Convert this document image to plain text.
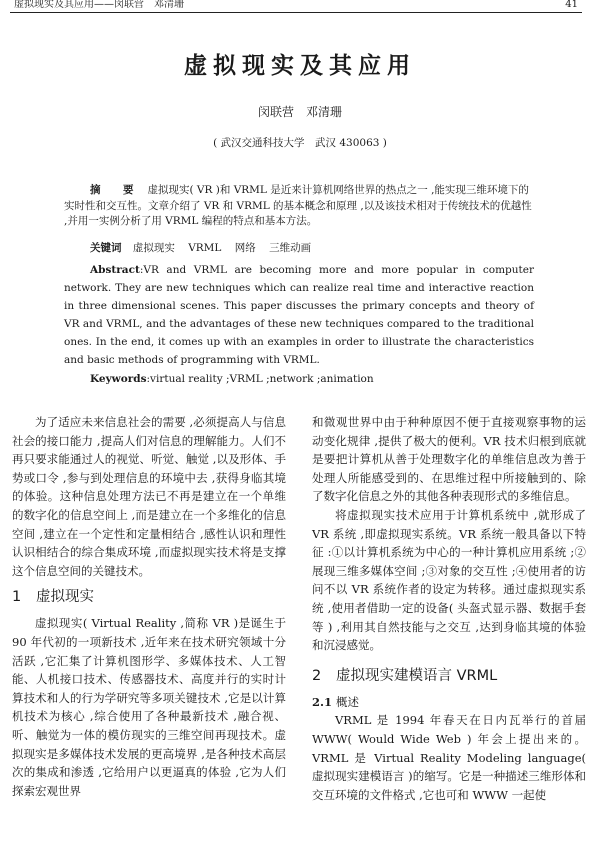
虚拟现实及其应用——闵联营　邓清珊	41
虚拟现实及其应用
闵联营　邓清珊
( 武汉交通科技大学　武汉 430063 )
摘　要 虚拟现实( VR )和 VRML 是近来计算机网络世界的热点之一 ,能实现三维环境下的实时性和交互性。文章介绍了 VR 和 VRML 的基本概念和原理 ,以及该技术相对于传统技术的优越性 ,并用一实例分析了用 VRML 编程的特点和基本方法。
关键词 虚拟现实 VRML 网络 三维动画
Abstract:VR and VRML are becoming more and more popular in computer network. They are new techniques which can realize real time and interactive reaction in three dimensional scenes. This paper discusses the primary concepts and theory of VR and VRML, and the advantages of these new techniques compared to the traditional ones. In the end, it comes up with an examples in order to illustrate the characteristics and basic methods of programming with VRML.
Keywords:virtual reality ;VRML ;network ;animation

为了适应未来信息社会的需要 ,必须提高人与信息社会的接口能力 ,提高人们对信息的理解能力。人们不再只要求能通过人的视觉、听觉、触觉 ,以及形体、手势或口令 ,参与到处理信息的环境中去 ,获得身临其境的体验。这种信息处理方法已不再是建立在一个单维的数字化的信息空间上 ,而是建立在一个多维化的信息空间 ,建立在一个定性和定量相结合 ,感性认识和理性认识相结合的综合集成环境 ,而虚拟现实技术将是支撑这个信息空间的关键技术。

1 虚拟现实

虚拟现实( Virtual Reality ,简称 VR )是诞生于 90 年代初的一项新技术 ,近年来在技术研究领域十分活跃 ,它汇集了计算机图形学、多媒体技术、人工智能、人机接口技术、传感器技术、高度并行的实时计算技术和人的行为学研究等多项关键技术 ,它是以计算机技术为核心 ,综合使用了各种最新技术 ,融合视、听、触觉为一体的模仿现实的三维空间再现技术。虚拟现实是多媒体技术发展的更高境界 ,是各种技术高层次的集成和渗透 ,它给用户以更逼真的体验 ,它为人们探索宏观世界

和微观世界中由于种种原因不便于直接观察事物的运动变化规律 ,提供了极大的便利。VR 技术归根到底就是要把计算机从善于处理数字化的单维信息改为善于处理人所能感受到的、在思维过程中所接触到的、除了数字化信息之外的其他各种表现形式的多维信息。

将虚拟现实技术应用于计算机系统中 ,就形成了 VR 系统 ,即虚拟现实系统。VR 系统一般具备以下特征 :①以计算机系统为中心的一种计算机应用系统 ;②展现三维多媒体空间 ;③对象的交互性 ;④使用者的访问不以 VR 系统作者的设定为转移。通过虚拟现实系统 ,使用者借助一定的设备( 头盔式显示器、数据手套等 ) ,利用其自然技能与之交互 ,达到身临其境的体验和沉浸感觉。

2 虚拟现实建模语言 VRML
2.1 概述

VRML 是 1994 年春天在日内瓦举行的首届 WWW( Would Wide Web ) 年会上提出来的。VRML 是 Virtual Reality Modeling language( 虚拟现实建模语言 )的缩写。它是一种描述三维形体和交互环境的文件格式 ,它也可和 WWW 一起使
